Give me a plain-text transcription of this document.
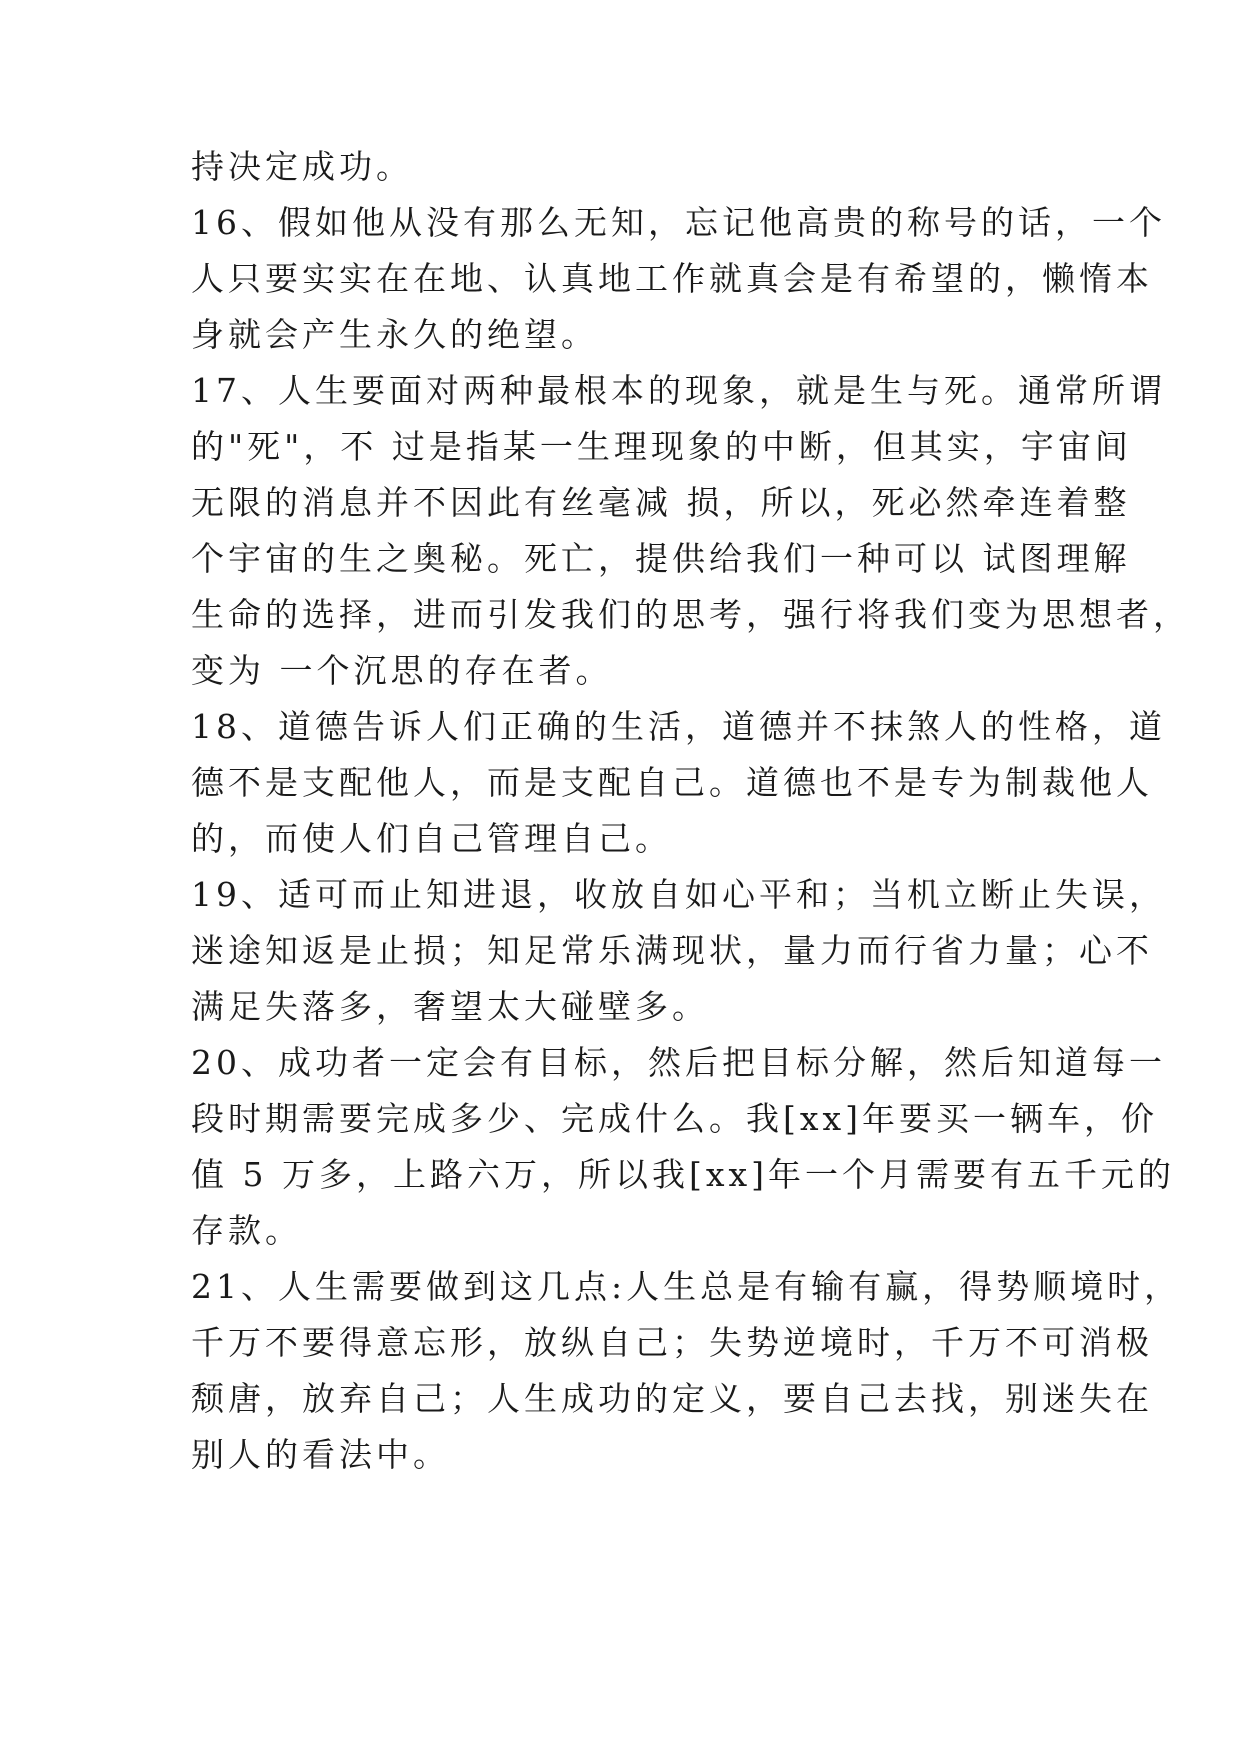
持决定成功。

16、假如他从没有那么无知，忘记他高贵的称号的话，一个

人只要实实在在地、认真地工作就真会是有希望的，懒惰本

身就会产生永久的绝望。

17、人生要面对两种最根本的现象，就是生与死。通常所谓

的"死"，不 过是指某一生理现象的中断，但其实，宇宙间

无限的消息并不因此有丝毫减 损，所以，死必然牵连着整

个宇宙的生之奥秘。死亡，提供给我们一种可以 试图理解

生命的选择，进而引发我们的思考，强行将我们变为思想者，

变为 一个沉思的存在者。

18、道德告诉人们正确的生活，道德并不抹煞人的性格，道

德不是支配他人，而是支配自己。道德也不是专为制裁他人

的，而使人们自己管理自己。

19、适可而止知进退，收放自如心平和；当机立断止失误，

迷途知返是止损；知足常乐满现状，量力而行省力量；心不

满足失落多，奢望太大碰壁多。

20、成功者一定会有目标，然后把目标分解，然后知道每一

段时期需要完成多少、完成什么。我[xx]年要买一辆车，价

值 5 万多，上路六万，所以我[xx]年一个月需要有五千元的

存款。

21、人生需要做到这几点:人生总是有输有赢，得势顺境时，

千万不要得意忘形，放纵自己；失势逆境时，千万不可消极

颓唐，放弃自己；人生成功的定义，要自己去找，别迷失在

别人的看法中。
